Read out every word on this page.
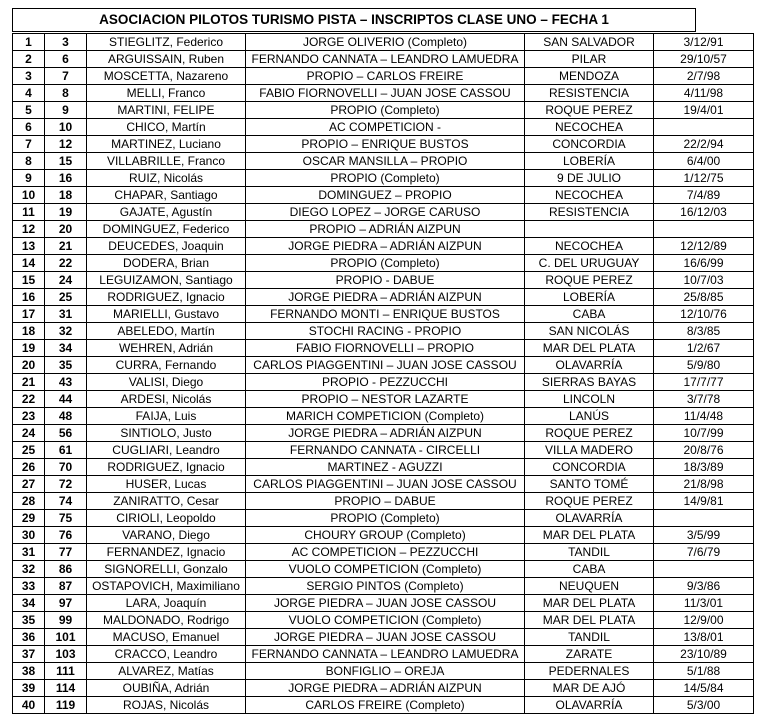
ASOCIACION PILOTOS TURISMO PISTA – INSCRIPTOS CLASE UNO – FECHA 1
1	3	STIEGLITZ, Federico	JORGE OLIVERIO (Completo)	SAN SALVADOR	3/12/91
2	6	ARGUISSAIN, Ruben	FERNANDO CANNATA – LEANDRO LAMUEDRA	PILAR	29/10/57
3	7	MOSCETTA, Nazareno	PROPIO – CARLOS FREIRE	MENDOZA	2/7/98
4	8	MELLI, Franco	FABIO FIORNOVELLI – JUAN JOSE CASSOU	RESISTENCIA	4/11/98
5	9	MARTINI, FELIPE	PROPIO (Completo)	ROQUE PEREZ	19/4/01
6	10	CHICO, Martín	AC COMPETICION -	NECOCHEA	
7	12	MARTINEZ, Luciano	PROPIO – ENRIQUE BUSTOS	CONCORDIA	22/2/94
8	15	VILLABRILLE, Franco	OSCAR MANSILLA – PROPIO	LOBERÍA	6/4/00
9	16	RUIZ, Nicolás	PROPIO (Completo)	9 DE JULIO	1/12/75
10	18	CHAPAR, Santiago	DOMINGUEZ – PROPIO	NECOCHEA	7/4/89
11	19	GAJATE, Agustín	DIEGO LOPEZ – JORGE CARUSO	RESISTENCIA	16/12/03
12	20	DOMINGUEZ, Federico	PROPIO – ADRIÁN AIZPUN		
13	21	DEUCEDES, Joaquin	JORGE PIEDRA – ADRIÁN AIZPUN	NECOCHEA	12/12/89
14	22	DODERA, Brian	PROPIO (Completo)	C. DEL URUGUAY	16/6/99
15	24	LEGUIZAMON, Santiago	PROPIO - DABUE	ROQUE PEREZ	10/7/03
16	25	RODRIGUEZ, Ignacio	JORGE PIEDRA – ADRIÁN AIZPUN	LOBERÍA	25/8/85
17	31	MARIELLI, Gustavo	FERNANDO MONTI – ENRIQUE BUSTOS	CABA	12/10/76
18	32	ABELEDO, Martín	STOCHI RACING - PROPIO	SAN NICOLÁS	8/3/85
19	34	WEHREN, Adrián	FABIO FIORNOVELLI – PROPIO	MAR DEL PLATA	1/2/67
20	35	CURRA, Fernando	CARLOS PIAGGENTINI – JUAN JOSE CASSOU	OLAVARRÍA	5/9/80
21	43	VALISI, Diego	PROPIO - PEZZUCCHI	SIERRAS BAYAS	17/7/77
22	44	ARDESI, Nicolás	PROPIO – NESTOR LAZARTE	LINCOLN	3/7/78
23	48	FAIJA, Luis	MARICH COMPETICION (Completo)	LANÚS	11/4/48
24	56	SINTIOLO, Justo	JORGE PIEDRA – ADRIÁN AIZPUN	ROQUE PEREZ	10/7/99
25	61	CUGLIARI, Leandro	FERNANDO CANNATA - CIRCELLI	VILLA MADERO	20/8/76
26	70	RODRIGUEZ, Ignacio	MARTINEZ - AGUZZI	CONCORDIA	18/3/89
27	72	HUSER, Lucas	CARLOS PIAGGENTINI – JUAN JOSE CASSOU	SANTO TOMÉ	21/8/98
28	74	ZANIRATTO, Cesar	PROPIO – DABUE	ROQUE PEREZ	14/9/81
29	75	CIRIOLI, Leopoldo	PROPIO (Completo)	OLAVARRÍA	
30	76	VARANO, Diego	CHOURY GROUP (Completo)	MAR DEL PLATA	3/5/99
31	77	FERNANDEZ, Ignacio	AC COMPETICION – PEZZUCCHI	TANDIL	7/6/79
32	86	SIGNORELLI, Gonzalo	VUOLO COMPETICION (Completo)	CABA	
33	87	OSTAPOVICH, Maximiliano	SERGIO PINTOS (Completo)	NEUQUEN	9/3/86
34	97	LARA, Joaquín	JORGE PIEDRA – JUAN JOSE CASSOU	MAR DEL PLATA	11/3/01
35	99	MALDONADO, Rodrigo	VUOLO COMPETICION (Completo)	MAR DEL PLATA	12/9/00
36	101	MACUSO, Emanuel	JORGE PIEDRA – JUAN JOSE CASSOU	TANDIL	13/8/01
37	103	CRACCO, Leandro	FERNANDO CANNATA – LEANDRO LAMUEDRA	ZARATE	23/10/89
38	111	ALVAREZ, Matías	BONFIGLIO – OREJA	PEDERNALES	5/1/88
39	114	OUBIÑA, Adrián	JORGE PIEDRA – ADRIÁN AIZPUN	MAR DE AJÓ	14/5/84
40	119	ROJAS, Nicolás	CARLOS FREIRE (Completo)	OLAVARRÍA	5/3/00
